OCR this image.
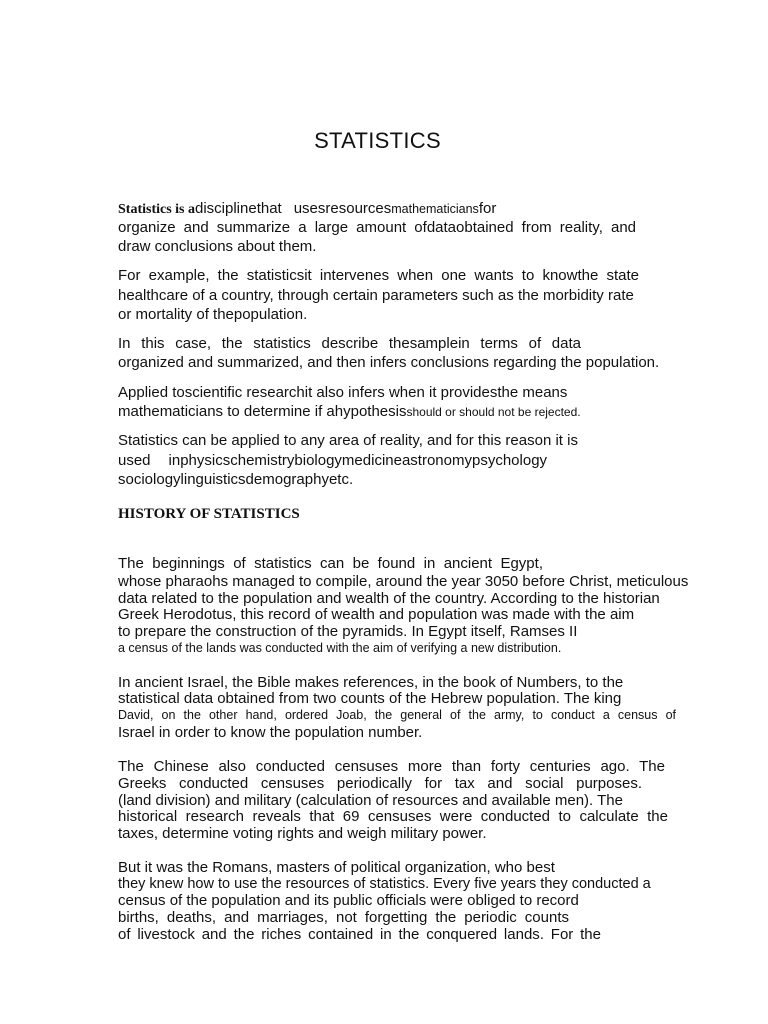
STATISTICS
Statistics is adisciplinethat usesresourcesmathematiciansfor
organize and summarize a large amount ofdataobtained from reality, and
draw conclusions about them.
For example, the statisticsit intervenes when one wants to knowthe state
healthcare of a country, through certain parameters such as the morbidity rate
or mortality of thepopulation.
In this case, the statistics describe thesamplein terms of data
organized and summarized, and then infers conclusions regarding the population.
Applied toscientific researchit also infers when it providesthe means
mathematicians to determine if ahypothesisshould or should not be rejected.
Statistics can be applied to any area of reality, and for this reason it is
used inphysicschemistrybiologymedicineastronomypsychology
sociologylinguisticsdemographyetc.
HISTORY OF STATISTICS
The beginnings of statistics can be found in ancient Egypt,
whose pharaohs managed to compile, around the year 3050 before Christ, meticulous
data related to the population and wealth of the country. According to the historian
Greek Herodotus, this record of wealth and population was made with the aim
to prepare the construction of the pyramids. In Egypt itself, Ramses II
a census of the lands was conducted with the aim of verifying a new distribution.
In ancient Israel, the Bible makes references, in the book of Numbers, to the
statistical data obtained from two counts of the Hebrew population. The king
David, on the other hand, ordered Joab, the general of the army, to conduct a census of
Israel in order to know the population number.
The Chinese also conducted censuses more than forty centuries ago. The
Greeks conducted censuses periodically for tax and social purposes.
(land division) and military (calculation of resources and available men). The
historical research reveals that 69 censuses were conducted to calculate the
taxes, determine voting rights and weigh military power.
But it was the Romans, masters of political organization, who best
they knew how to use the resources of statistics. Every five years they conducted a
census of the population and its public officials were obliged to record
births, deaths, and marriages, not forgetting the periodic counts
of livestock and the riches contained in the conquered lands. For the
